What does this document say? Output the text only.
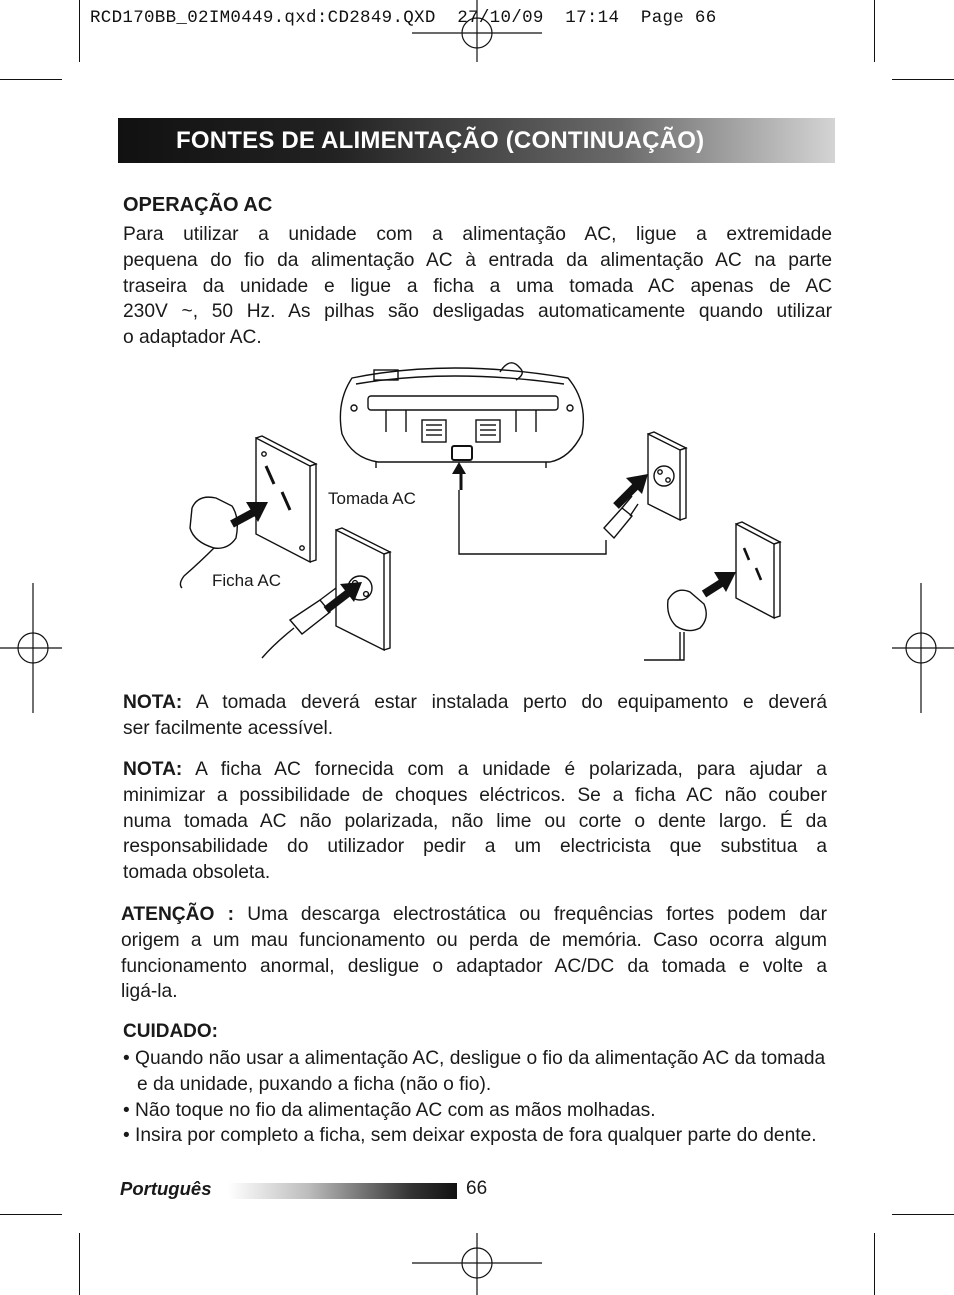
RCD170BB_02IM0449.qxd:CD2849.QXD  27/10/09  17:14  Page 66
FONTES DE ALIMENTAÇÃO (CONTINUAÇÃO)
OPERAÇÃO AC
Para utilizar a unidade com a alimentação AC, ligue a extremidade
pequena do fio da alimentação AC à entrada da alimentação AC na parte
traseira da unidade e ligue a ficha a uma tomada AC apenas de AC
230V ~, 50 Hz. As pilhas são desligadas automaticamente quando utilizar
o adaptador AC.
Tomada AC
Ficha AC
NOTA: A tomada deverá estar instalada perto do equipamento e deverá
ser facilmente acessível.
NOTA: A ficha AC fornecida com a unidade é polarizada, para ajudar a
minimizar a possibilidade de choques eléctricos. Se a ficha AC não couber
numa tomada AC não polarizada, não lime ou corte o dente largo. É da
responsabilidade do utilizador pedir a um electricista que substitua a
tomada obsoleta.
ATENÇÃO : Uma descarga electrostática ou frequências fortes podem dar
origem a um mau funcionamento ou perda de memória. Caso ocorra algum
funcionamento anormal, desligue o adaptador AC/DC da tomada e volte a
ligá-la.
CUIDADO:
• Quando não usar a alimentação AC, desligue o fio da alimentação AC da tomada e da unidade, puxando a ficha (não o fio).
• Não toque no fio da alimentação AC com as mãos molhadas.
• Insira por completo a ficha, sem deixar exposta de fora qualquer parte do dente.
Português	66
